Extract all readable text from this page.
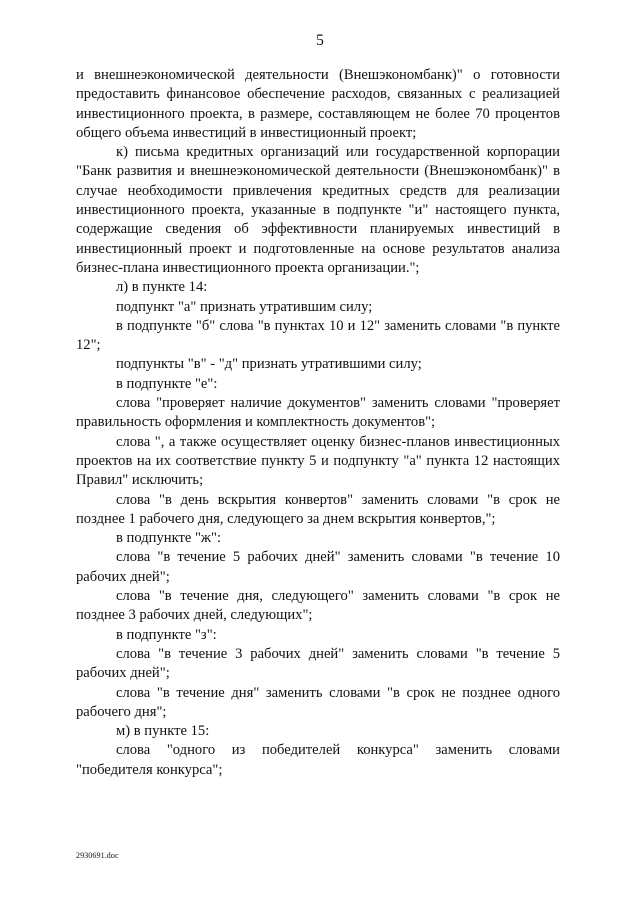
5

и внешнеэкономической деятельности (Внешэкономбанк)" о готовности предоставить финансовое обеспечение расходов, связанных с реализацией инвестиционного проекта, в размере, составляющем не более 70 процентов общего объема инвестиций в инвестиционный проект;

к) письма кредитных организаций или государственной корпорации "Банк развития и внешнеэкономической деятельности (Внешэкономбанк)" в случае необходимости привлечения кредитных средств для реализации инвестиционного проекта, указанные в подпункте "и" настоящего пункта, содержащие сведения об эффективности планируемых инвестиций в инвестиционный проект и подготовленные на основе результатов анализа бизнес-плана инвестиционного проекта организации.";

л) в пункте 14:

подпункт "а" признать утратившим силу;

в подпункте "б" слова "в пунктах 10 и 12" заменить словами "в пункте 12";

подпункты "в" - "д" признать утратившими силу;

в подпункте "е":

слова "проверяет наличие документов" заменить словами "проверяет правильность оформления и комплектность документов";

слова ", а также осуществляет оценку бизнес-планов инвестиционных проектов на их соответствие пункту 5 и подпункту "а" пункта 12 настоящих Правил" исключить;

слова "в день вскрытия конвертов" заменить словами "в срок не позднее 1 рабочего дня, следующего за днем вскрытия конвертов,";

в подпункте "ж":

слова "в течение 5 рабочих дней" заменить словами "в течение 10 рабочих дней";

слова "в течение дня, следующего" заменить словами "в срок не позднее 3 рабочих дней, следующих";

в подпункте "з":

слова "в течение 3 рабочих дней" заменить словами "в течение 5 рабочих дней";

слова "в течение дня" заменить словами "в срок не позднее одного рабочего дня";

м) в пункте 15:

слова "одного из победителей конкурса" заменить словами "победителя конкурса";

2930691.doc
